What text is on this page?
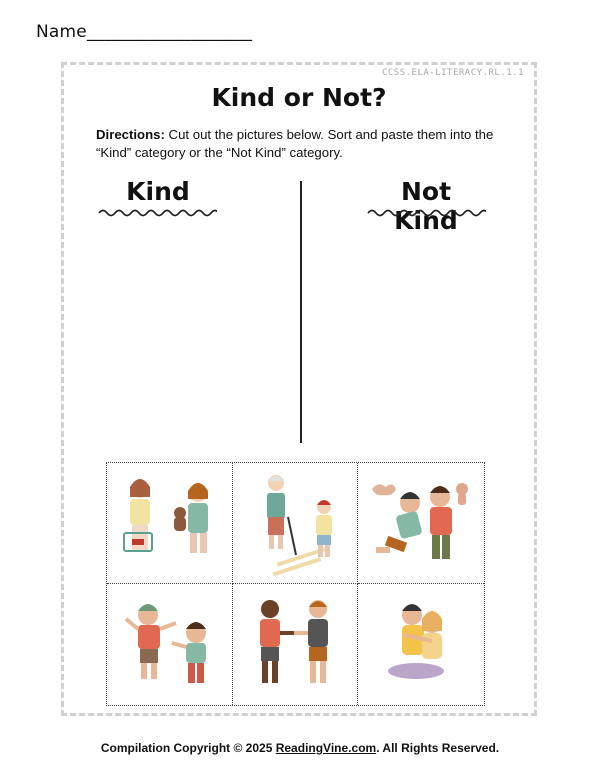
Name___________________
CCSS.ELA-LITERACY.RL.1.1
Kind or Not?
Directions: Cut out the pictures below. Sort and paste them into the “Kind” category or the “Not Kind” category.
Kind	Not Kind
Compilation Copyright © 2025 ReadingVine.com. All Rights Reserved.
